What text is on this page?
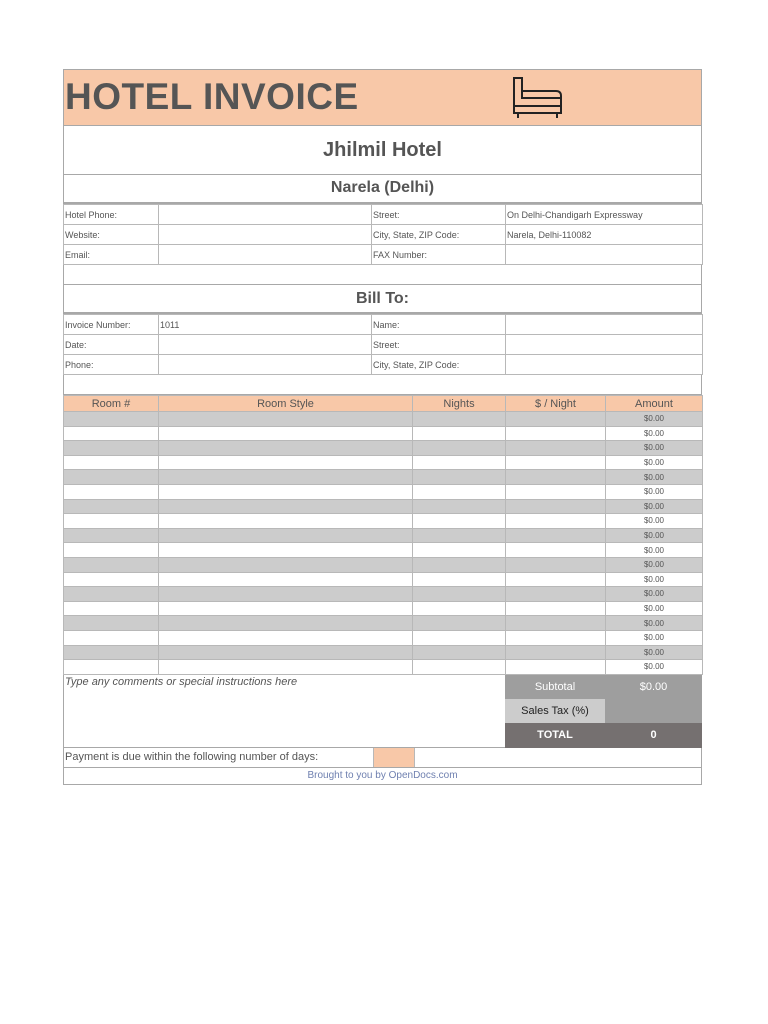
HOTEL INVOICE
Jhilmil Hotel
Narela (Delhi)
Hotel Phone:		Street:	On Delhi-Chandigarh Expressway
Website:		City, State, ZIP Code:	Narela, Delhi-110082
Email:		FAX Number:	
Bill To:
Invoice Number:	1011	Name:	
Date:		Street:	
Phone:		City, State, ZIP Code:	
Room #	Room Style	Nights	$ / Night	Amount
				$0.00
				$0.00
				$0.00
				$0.00
				$0.00
				$0.00
				$0.00
				$0.00
				$0.00
				$0.00
				$0.00
				$0.00
				$0.00
				$0.00
				$0.00
				$0.00
				$0.00
				$0.00
Type any comments or special instructions here	Subtotal	$0.00
Sales Tax (%)
TOTAL	0
Payment is due within the following number of days:
Brought to you by OpenDocs.com
